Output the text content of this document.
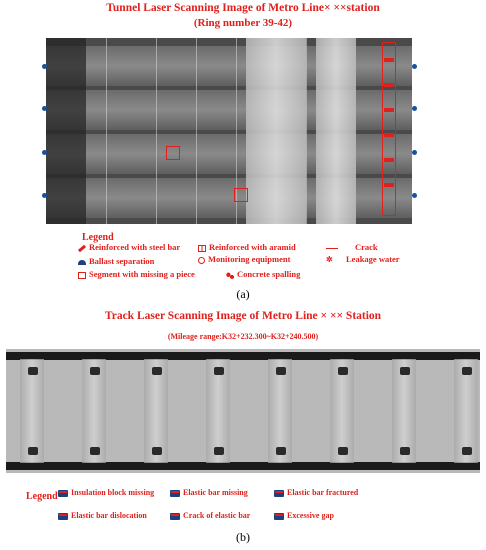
Tunnel Laser Scanning Image of Metro Line× ××station
(Ring number 39-42)
Legend
Reinforced with steel bar	Reinforced with aramid	Crack
Ballast separation	Monitoring equipment	✲ Leakage water
Segment with missing a piece	Concrete spalling
(a)
Track Laser Scanning Image of Metro Line × ×× Station
(Mileage range:K32+232.300~K32+240.500)
Legend	Insulation block missing	Elastic bar missing	Elastic bar fractured
Elastic bar dislocation	Crack of elastic bar	Excessive gap
(b)
